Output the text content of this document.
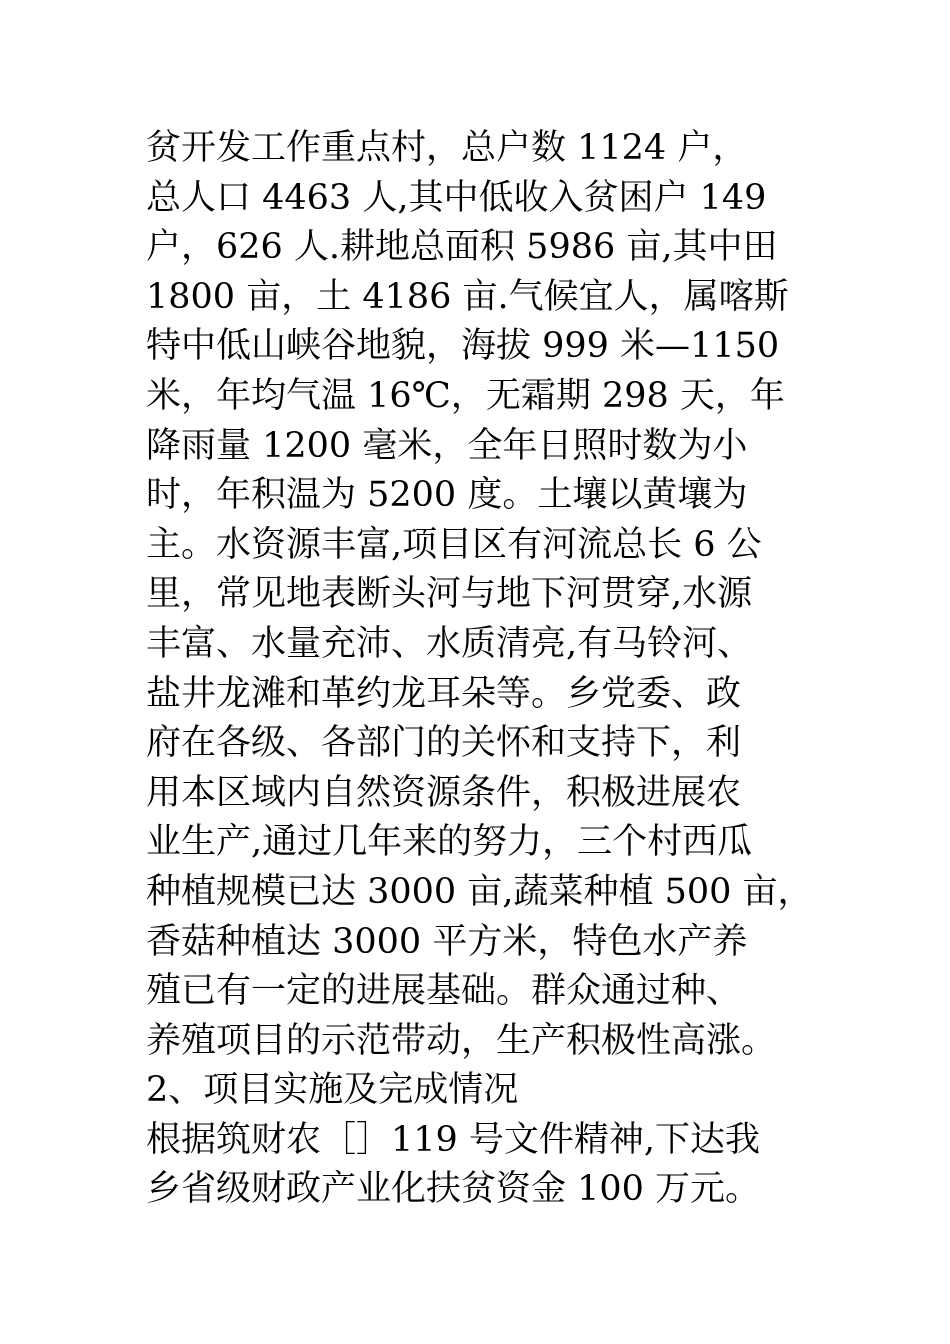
贫开发工作重点村，总户数 1124 户，
总人口 4463 人,其中低收入贫困户 149
户，626 人.耕地总面积 5986 亩,其中田
1800 亩，土 4186 亩.气候宜人，属喀斯
特中低山峡谷地貌，海拔 999 米—1150
米，年均气温 16℃，无霜期 298 天，年
降雨量 1200 毫米，全年日照时数为小
时，年积温为 5200 度。土壤以黄壤为
主。水资源丰富,项目区有河流总长 6 公
里，常见地表断头河与地下河贯穿,水源
丰富、水量充沛、水质清亮,有马铃河、
盐井龙滩和革约龙耳朵等。乡党委、政
府在各级、各部门的关怀和支持下，利
用本区域内自然资源条件，积极进展农
业生产,通过几年来的努力，三个村西瓜
种植规模已达 3000 亩,蔬菜种植 500 亩，
香菇种植达 3000 平方米，特色水产养
殖已有一定的进展基础。群众通过种、
养殖项目的示范带动，生产积极性高涨。
2、项目实施及完成情况
根据筑财农［］119 号文件精神,下达我
乡省级财政产业化扶贫资金 100 万元。
